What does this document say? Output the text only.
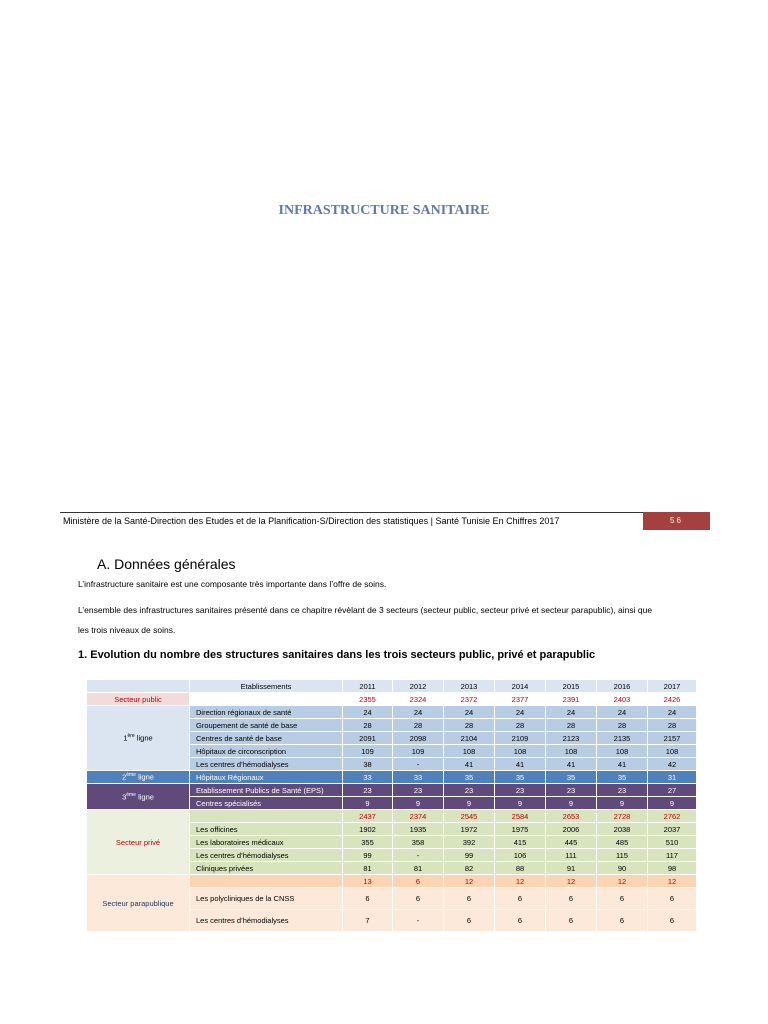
INFRASTRUCTURE SANITAIRE
Ministère de la Santé-Direction des Etudes et de la Planification-S/Direction des statistiques | Santé Tunisie En Chiffres 2017	56
A. Données générales
L’infrastructure sanitaire est une composante très importante dans l’offre de soins.
L’ensemble des infrastructures sanitaires présenté dans ce chapitre révèlant de 3 secteurs (secteur public, secteur privé et secteur parapublic), ainsi que
les trois niveaux de soins.
1. Evolution du nombre des structures sanitaires dans les trois secteurs public, privé et parapublic
	Etablissements	2011	2012	2013	2014	2015	2016	2017
Secteur public		2355	2324	2372	2377	2391	2403	2426
1ère ligne	Direction régionaux de santé	24	24	24	24	24	24	24
	Groupement de santé de base	28	28	28	28	28	28	28
	Centres de santé de base	2091	2098	2104	2109	2123	2135	2157
	Hôpitaux de circonscription	109	109	108	108	108	108	108
	Les centres d’hémodialyses	38	-	41	41	41	41	42
2ème ligne	Hôpitaux Régionaux	33	33	35	35	35	35	31
3ème ligne	Etablissement Publics de Santé (EPS)	23	23	23	23	23	23	27
	Centres spécialisés	9	9	9	9	9	9	9
Secteur privé		2437	2374	2545	2584	2653	2728	2762
	Les officines	1902	1935	1972	1975	2006	2038	2037
	Les laboratoires médicaux	355	358	392	415	445	485	510
	Les centres d’hémodialyses	99	-	99	106	111	115	117
	Cliniques privées	81	81	82	88	91	90	98
Secteur parapublique		13	6	12	12	12	12	12
	Les polycliniques de la CNSS	6	6	6	6	6	6	6
	Les centres d’hémodialyses	7	-	6	6	6	6	6
